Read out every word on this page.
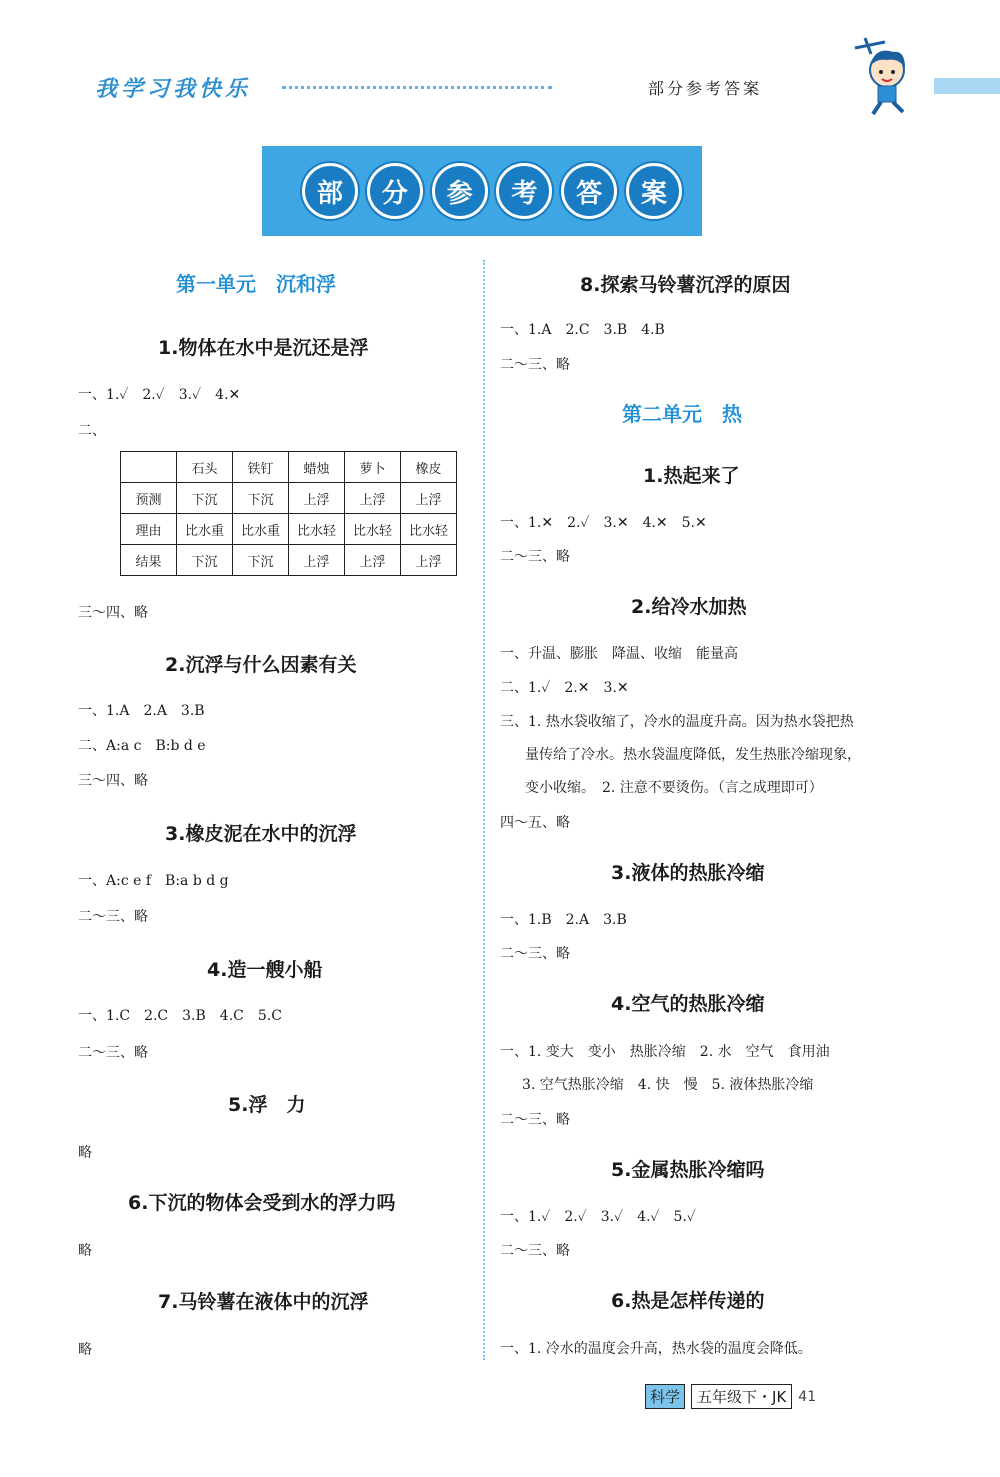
我学习我快乐	部分参考答案
部	分	参	考	答	案
第一单元　沉和浮
1.物体在水中是沉还是浮
一、1.✓　2.✓　3.✓　4.✕
二、
	石头	铁钉	蜡烛	萝卜	橡皮
预测	下沉	下沉	上浮	上浮	上浮
理由	比水重	比水重	比水轻	比水轻	比水轻
结果	下沉	下沉	上浮	上浮	上浮
三～四、略
2.沉浮与什么因素有关
一、1.A　2.A　3.B
二、A:a c　B:b d e
三～四、略
3.橡皮泥在水中的沉浮
一、A:c e f　B:a b d g
二～三、略
4.造一艘小船
一、1.C　2.C　3.B　4.C　5.C
二～三、略
5.浮　力
略
6.下沉的物体会受到水的浮力吗
略
7.马铃薯在液体中的沉浮
略
8.探索马铃薯沉浮的原因
一、1.A　2.C　3.B　4.B
二～三、略
第二单元　热
1.热起来了
一、1.✕　2.✓　3.✕　4.✕　5.✕
二～三、略
2.给冷水加热
一、升温、膨胀　降温、收缩　能量高
二、1.✓　2.✕　3.✕
三、1. 热水袋收缩了，冷水的温度升高。因为热水袋把热
量传给了冷水。热水袋温度降低，发生热胀冷缩现象，
变小收缩。　2. 注意不要烫伤。（言之成理即可）
四～五、略
3.液体的热胀冷缩
一、1.B　2.A　3.B
二～三、略
4.空气的热胀冷缩
一、1. 变大　变小　热胀冷缩　2. 水　空气　食用油
3. 空气热胀冷缩　4. 快　慢　5. 液体热胀冷缩
二～三、略
5.金属热胀冷缩吗
一、1.✓　2.✓　3.✓　4.✓　5.✓
二～三、略
6.热是怎样传递的
一、1. 冷水的温度会升高，热水袋的温度会降低。
科学	五年级下・JK 41
